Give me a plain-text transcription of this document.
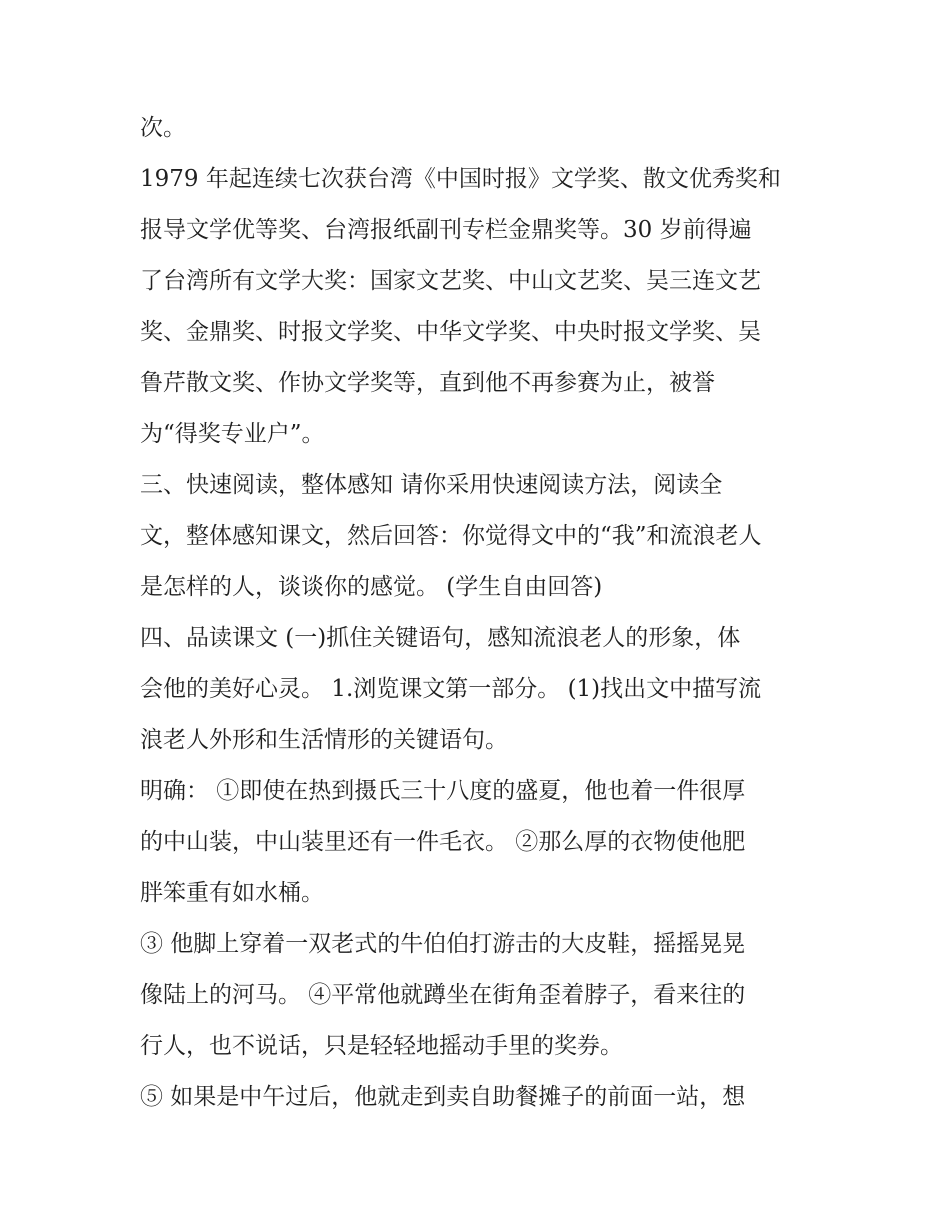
次。
1979 年起连续七次获台湾《中国时报》文学奖、散文优秀奖和
报导文学优等奖、台湾报纸副刊专栏金鼎奖等。30 岁前得遍
了台湾所有文学大奖：国家文艺奖、中山文艺奖、吴三连文艺
奖、金鼎奖、时报文学奖、中华文学奖、中央时报文学奖、吴
鲁芹散文奖、作协文学奖等，直到他不再参赛为止，被誉
为“得奖专业户”。
三、快速阅读，整体感知 请你采用快速阅读方法，阅读全
文，整体感知课文，然后回答：你觉得文中的“我”和流浪老人
是怎样的人，谈谈你的感觉。 (学生自由回答)
四、品读课文 (一)抓住关键语句，感知流浪老人的形象，体
会他的美好心灵。 1.浏览课文第一部分。 (1)找出文中描写流
浪老人外形和生活情形的关键语句。
明确： ①即使在热到摄氏三十八度的盛夏，他也着一件很厚
的中山装，中山装里还有一件毛衣。 ②那么厚的衣物使他肥
胖笨重有如水桶。
③ 他脚上穿着一双老式的牛伯伯打游击的大皮鞋，摇摇晃晃
像陆上的河马。 ④平常他就蹲坐在街角歪着脖子，看来往的
行人，也不说话，只是轻轻地摇动手里的奖券。
⑤ 如果是中午过后，他就走到卖自助餐摊子的前面一站，想
